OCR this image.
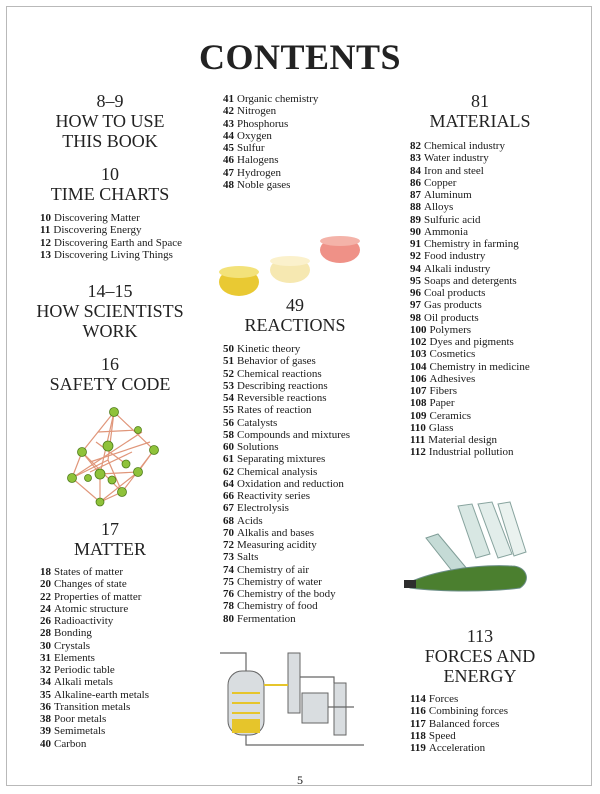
CONTENTS
8–9
HOW TO USE
THIS BOOK
10
TIME CHARTS
10 Discovering Matter
11 Discovering Energy
12 Discovering Earth and Space
13 Discovering Living Things
14–15
HOW SCIENTISTS
WORK
16
SAFETY CODE
17
MATTER
18 States of matter
20 Changes of state
22 Properties of matter
24 Atomic structure
26 Radioactivity
28 Bonding
30 Crystals
31 Elements
32 Periodic table
34 Alkali metals
35 Alkaline-earth metals
36 Transition metals
38 Poor metals
39 Semimetals
40 Carbon
41 Organic chemistry
42 Nitrogen
43 Phosphorus
44 Oxygen
45 Sulfur
46 Halogens
47 Hydrogen
48 Noble gases
49
REACTIONS
50 Kinetic theory
51 Behavior of gases
52 Chemical reactions
53 Describing reactions
54 Reversible reactions
55 Rates of reaction
56 Catalysts
58 Compounds and mixtures
60 Solutions
61 Separating mixtures
62 Chemical analysis
64 Oxidation and reduction
66 Reactivity series
67 Electrolysis
68 Acids
70 Alkalis and bases
72 Measuring acidity
73 Salts
74 Chemistry of air
75 Chemistry of water
76 Chemistry of the body
78 Chemistry of food
80 Fermentation
81
MATERIALS
82 Chemical industry
83 Water industry
84 Iron and steel
86 Copper
87 Aluminum
88 Alloys
89 Sulfuric acid
90 Ammonia
91 Chemistry in farming
92 Food industry
94 Alkali industry
95 Soaps and detergents
96 Coal products
97 Gas products
98 Oil products
100 Polymers
102 Dyes and pigments
103 Cosmetics
104 Chemistry in medicine
106 Adhesives
107 Fibers
108 Paper
109 Ceramics
110 Glass
111 Material design
112 Industrial pollution
113
FORCES AND
ENERGY
114 Forces
116 Combining forces
117 Balanced forces
118 Speed
119 Acceleration
5
